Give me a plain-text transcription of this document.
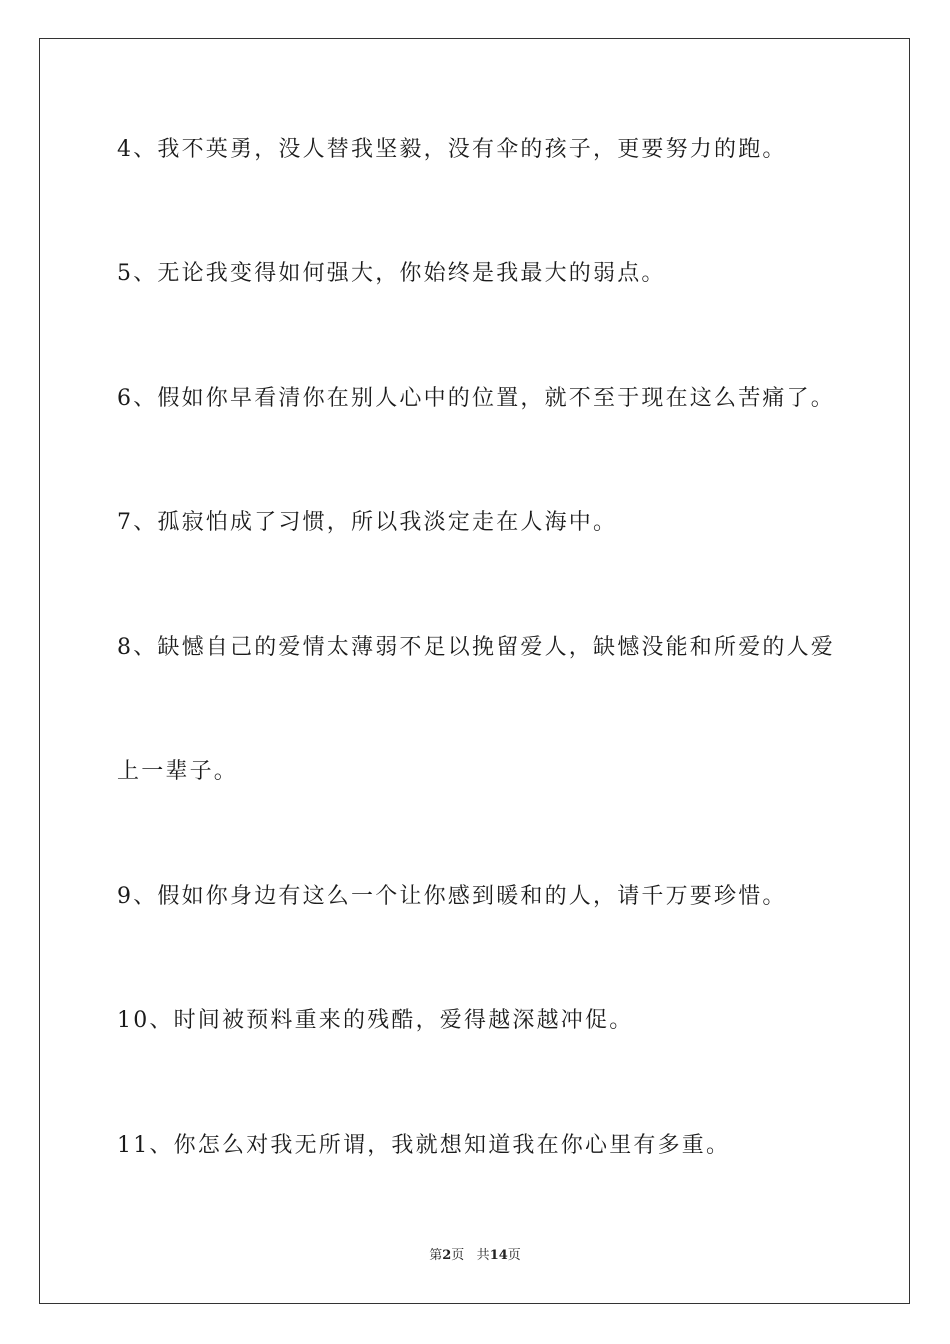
4、我不英勇，没人替我坚毅，没有伞的孩子，更要努力的跑。
5、无论我变得如何强大，你始终是我最大的弱点。
6、假如你早看清你在别人心中的位置，就不至于现在这么苦痛了。
7、孤寂怕成了习惯，所以我淡定走在人海中。
8、缺憾自己的爱情太薄弱不足以挽留爱人，缺憾没能和所爱的人爱
上一辈子。
9、假如你身边有这么一个让你感到暖和的人，请千万要珍惜。
10、时间被预料重来的残酷，爱得越深越冲促。
11、你怎么对我无所谓，我就想知道我在你心里有多重。
第2页 共14页
